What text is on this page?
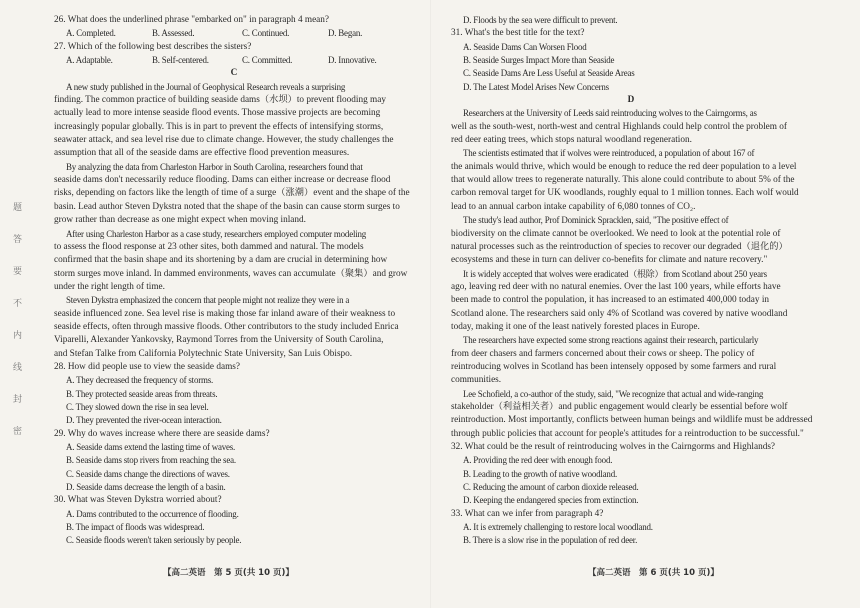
题
答
要
不
内
线
封
密
26. What does the underlined phrase "embarked on" in paragraph 4 mean?
A. Completed.	B. Assessed.	C. Continued.	D. Began.
27. Which of the following best describes the sisters?
A. Adaptable.	B. Self-centered.	C. Committed.	D. Innovative.
C
A new study published in the Journal of Geophysical Research reveals a surprising
finding. The common practice of building seaside dams（水坝）to prevent flooding may
actually lead to more intense seaside flood events. Those massive projects are becoming
increasingly popular globally. This is in part to prevent the effects of intensifying storms,
seawater attack, and sea level rise due to climate change. However, the study challenges the
assumption that all of the seaside dams are effective flood prevention measures.
By analyzing the data from Charleston Harbor in South Carolina, researchers found that
seaside dams don't necessarily reduce flooding. Dams can either increase or decrease flood
risks, depending on factors like the length of time of a surge（涨潮）event and the shape of the
basin. Lead author Steven Dykstra noted that the shape of the basin can cause storm surges to
grow rather than decrease as one might expect when moving inland.
After using Charleston Harbor as a case study, researchers employed computer modeling
to assess the flood response at 23 other sites, both dammed and natural. The models
confirmed that the basin shape and its shortening by a dam are crucial in determining how
storm surges move inland. In dammed environments, waves can accumulate（聚集）and grow
under the right length of time.
Steven Dykstra emphasized the concern that people might not realize they were in a
seaside influenced zone. Sea level rise is making those far inland aware of their weakness to
seaside effects, often through massive floods. Other contributors to the study included Enrica
Viparelli, Alexander Yankovsky, Raymond Torres from the University of South Carolina,
and Stefan Talke from California Polytechnic State University, San Luis Obispo.
28. How did people use to view the seaside dams?
A. They decreased the frequency of storms.
B. They protected seaside areas from threats.
C. They slowed down the rise in sea level.
D. They prevented the river-ocean interaction.
29. Why do waves increase where there are seaside dams?
A. Seaside dams extend the lasting time of waves.
B. Seaside dams stop rivers from reaching the sea.
C. Seaside dams change the directions of waves.
D. Seaside dams decrease the length of a basin.
30. What was Steven Dykstra worried about?
A. Dams contributed to the occurrence of flooding.
B. The impact of floods was widespread.
C. Seaside floods weren't taken seriously by people.
【高二英语　第 5 页(共 10 页)】
D. Floods by the sea were difficult to prevent.
31. What's the best title for the text?
A. Seaside Dams Can Worsen Flood
B. Seaside Surges Impact More than Seaside
C. Seaside Dams Are Less Useful at Seaside Areas
D. The Latest Model Arises New Concerns
D
Researchers at the University of Leeds said reintroducing wolves to the Cairngorms, as
well as the south-west, north-west and central Highlands could help control the problem of
red deer eating trees, which stops natural woodland regeneration.
The scientists estimated that if wolves were reintroduced, a population of about 167 of
the animals would thrive, which would be enough to reduce the red deer population to a level
that would allow trees to regenerate naturally. This alone could contribute to about 5% of the
carbon removal target for UK woodlands, roughly equal to 1 million tonnes. Each wolf would
lead to an annual carbon intake capability of 6,080 tonnes of CO₂.
The study's lead author, Prof Dominick Spracklen, said, "The positive effect of
biodiversity on the climate cannot be overlooked. We need to look at the potential role of
natural processes such as the reintroduction of species to recover our degraded（退化的）
ecosystems and these in turn can deliver co-benefits for climate and nature recovery."
It is widely accepted that wolves were eradicated（根除）from Scotland about 250 years
ago, leaving red deer with no natural enemies. Over the last 100 years, while efforts have
been made to control the population, it has increased to an estimated 400,000 today in
Scotland alone. The researchers said only 4% of Scotland was covered by native woodland
today, making it one of the least natively forested places in Europe.
The researchers have expected some strong reactions against their research, particularly
from deer chasers and farmers concerned about their cows or sheep. The policy of
reintroducing wolves in Scotland has been intensely opposed by some farmers and rural
communities.
Lee Schofield, a co-author of the study, said, "We recognize that actual and wide-ranging
stakeholder（利益相关者）and public engagement would clearly be essential before wolf
reintroduction. Most importantly, conflicts between human beings and wildlife must be addressed
through public policies that account for people's attitudes for a reintroduction to be successful."
32. What could be the result of reintroducing wolves in the Cairngorms and Highlands?
A. Providing the red deer with enough food.
B. Leading to the growth of native woodland.
C. Reducing the amount of carbon dioxide released.
D. Keeping the endangered species from extinction.
33. What can we infer from paragraph 4?
A. It is extremely challenging to restore local woodland.
B. There is a slow rise in the population of red deer.
【高二英语　第 6 页(共 10 页)】
